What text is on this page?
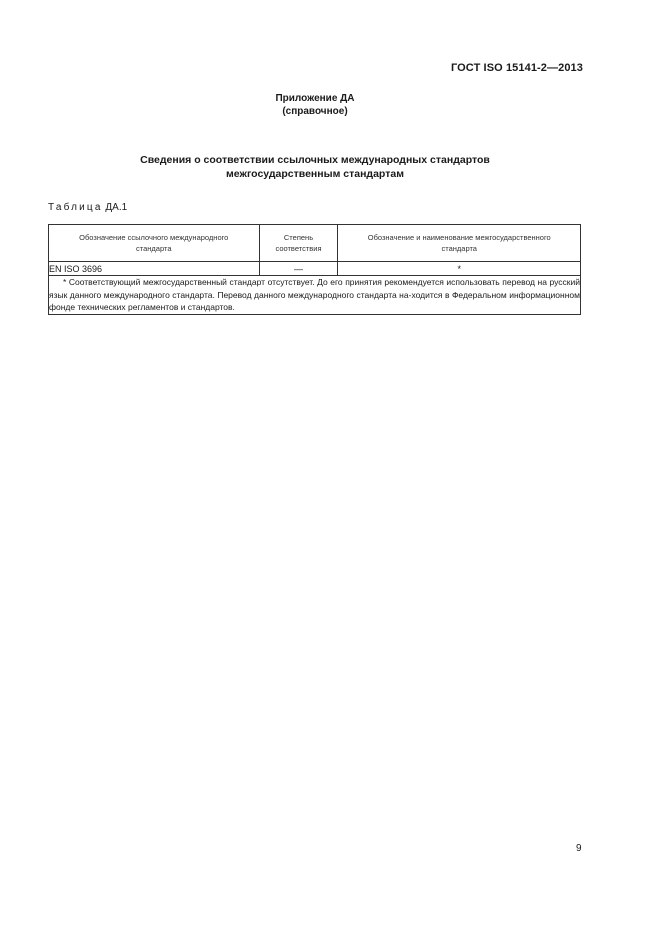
ГОСТ ISO 15141-2—2013
Приложение ДА
(справочное)
Сведения о соответствии ссылочных международных стандартов
межгосударственным стандартам
Таблица ДА.1
Обозначение ссылочного международного стандарта	Степень соответствия	Обозначение и наименование межгосударственного стандарта

EN ISO 3696	—	*
* Соответствующий межгосударственный стандарт отсутствует. До его принятия рекомендуется использовать перевод на русский язык данного международного стандарта. Перевод данного международного стандарта на-ходится в Федеральном информационном фонде технических регламентов и стандартов.		
9
